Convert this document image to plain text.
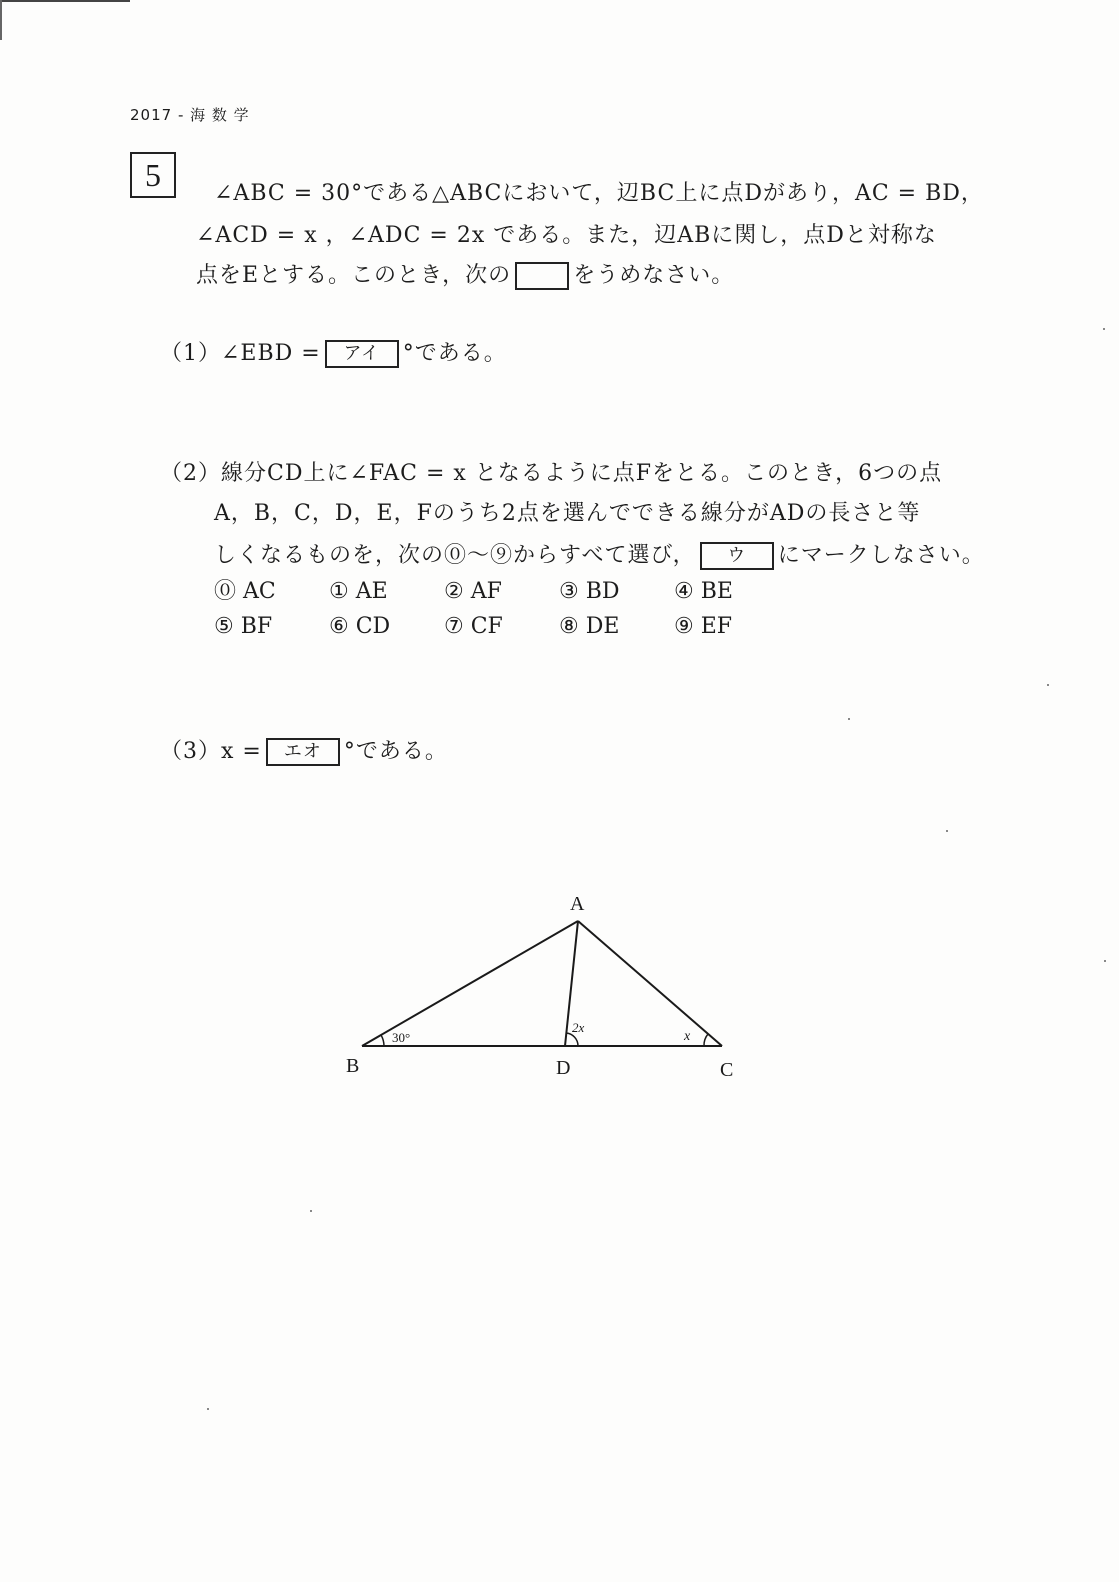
2017 - 海 数 学
5
∠ABC = 30°である△ABCにおいて，辺BC上に点Dがあり，AC = BD，
∠ACD = x ，∠ADC = 2x である。また，辺ABに関し，点Dと対称な
点をEとする。このとき，次の	をうめなさい。
（1）∠EBD = アイ °である。
（2）線分CD上に∠FAC = x となるように点Fをとる。このとき，6つの点
A，B，C，D，E，Fのうち2点を選んでできる線分がADの長さと等
しくなるものを，次の⓪〜⑨からすべて選び， ウ にマークしなさい。
⓪ AC ① AE	② AF	③ BD ④ BE
⑤ BF	⑥ CD ⑦ CF	⑧ DE ⑨ EF
（3）x = エオ °である。
A
B	D	C
30°
2x
x
